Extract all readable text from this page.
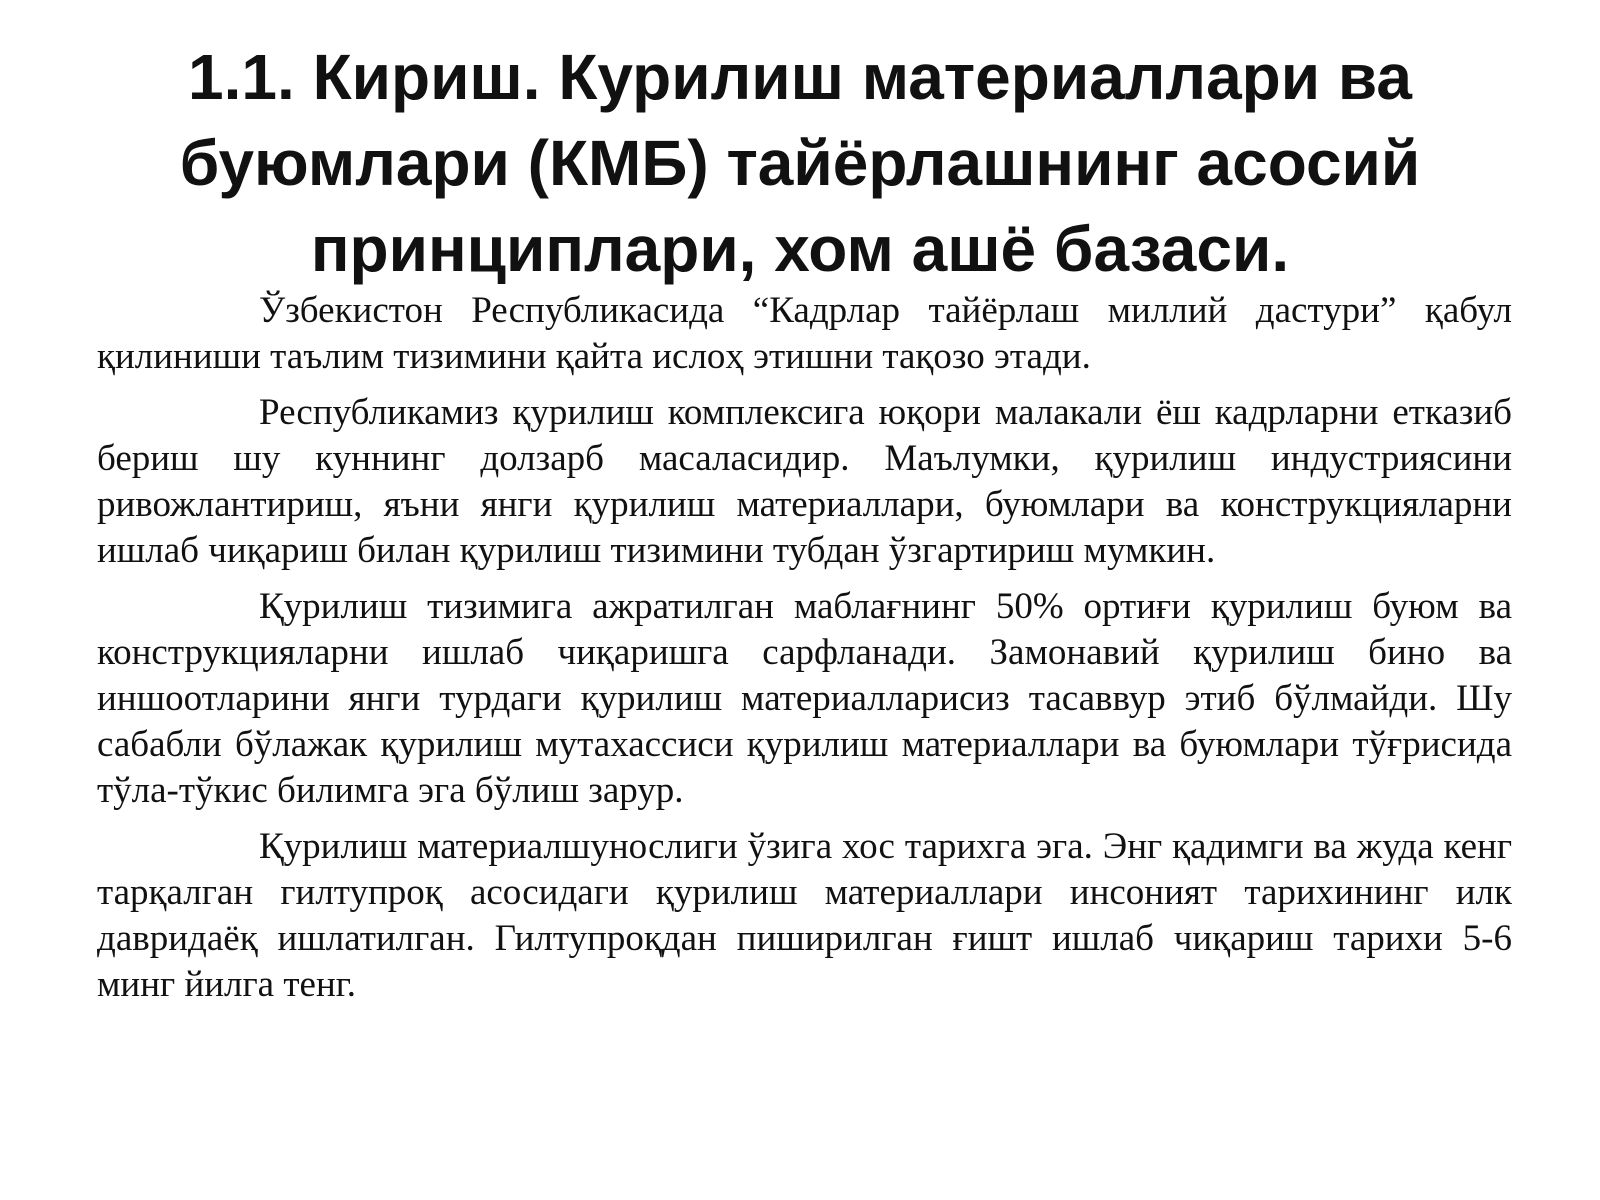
1.1. Кириш. Курилиш материаллари ва буюмлари (КМБ) тайёрлашнинг асосий принциплари, хом ашё базаси.

Ўзбекистон Республикасида “Кадрлар тайёрлаш миллий дастури” қабул қилиниши таълим тизимини қайта ислоҳ этишни тақозо этади.

Республикамиз қурилиш комплексига юқори малакали ёш кадрларни етказиб бериш шу куннинг долзарб масаласидир. Маълумки, қурилиш индустриясини ривожлантириш, яъни янги қурилиш материаллари, буюмлари ва конструкцияларни ишлаб чиқариш билан қурилиш тизимини тубдан ўзгартириш мумкин.

Қурилиш тизимига ажратилган маблағнинг 50% ортиғи қурилиш буюм ва конструкцияларни ишлаб чиқаришга сарфланади. Замонавий қурилиш бино ва иншоотларини янги турдаги қурилиш материалларисиз тасаввур этиб бўлмайди. Шу сабабли бўлажак қурилиш мутахассиси қурилиш материаллари ва буюмлари тўғрисида тўла-тўкис билимга эга бўлиш зарур.

Қурилиш материалшунослиги ўзига хос тарихга эга. Энг қадимги ва жуда кенг тарқалган гилтупроқ асосидаги қурилиш материаллари инсоният тарихининг илк давридаёқ ишлатилган. Гилтупроқдан пиширилган ғишт ишлаб чиқариш тарихи 5-6 минг йилга тенг.
